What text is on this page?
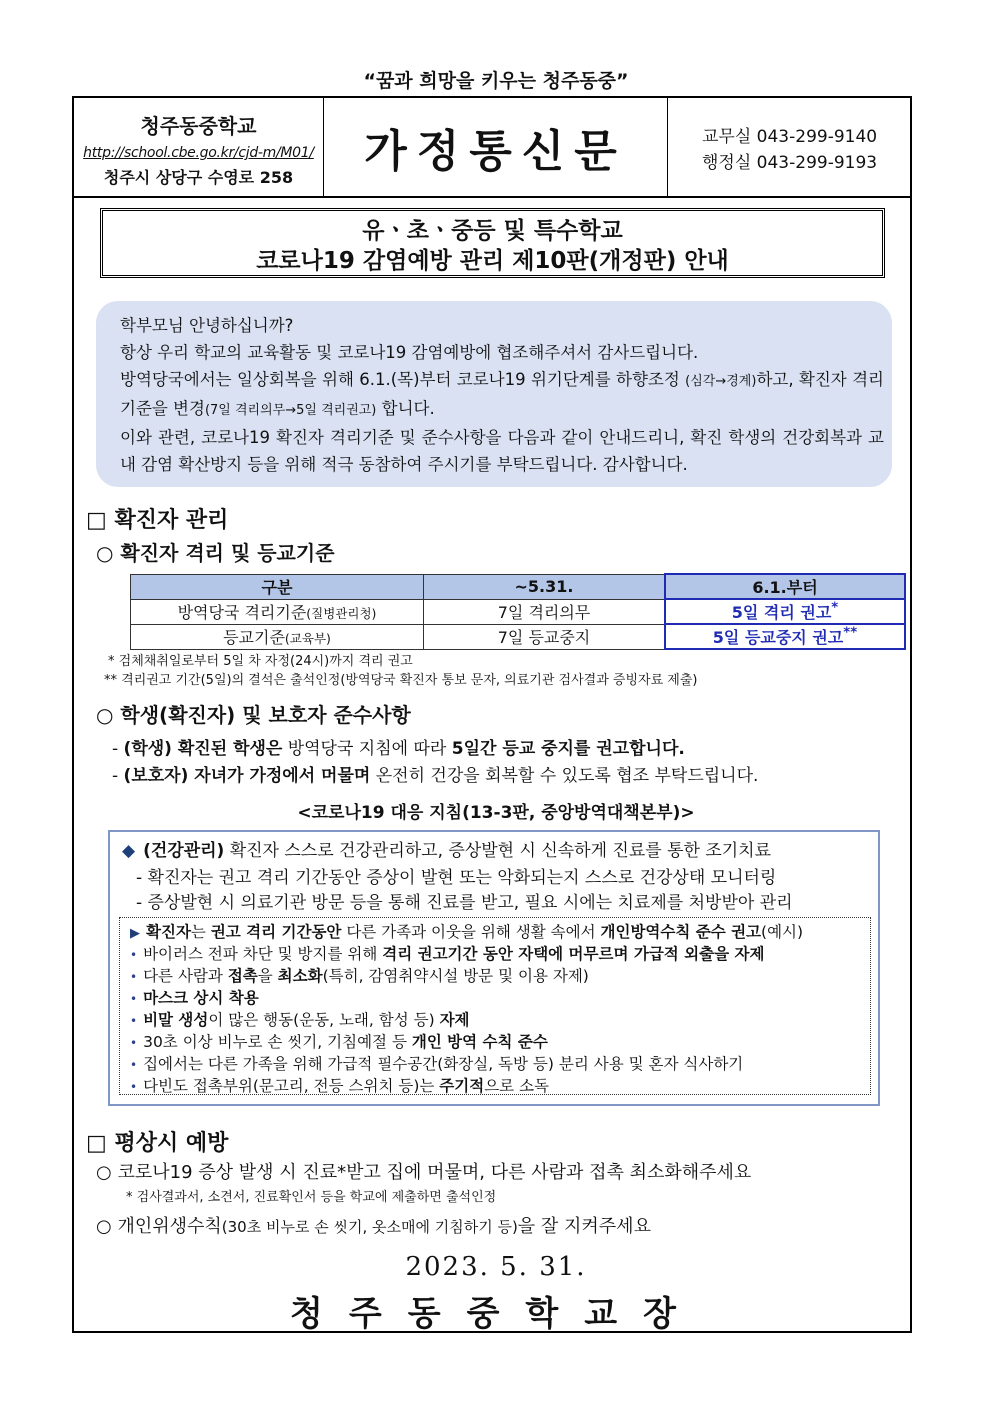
“꿈과 희망을 키우는 청주동중”
청주동중학교
http://school.cbe.go.kr/cjd-m/M01/
청주시 상당구 수영로 258
가정통신문	교무실 043-299-9140
행정실 043-299-9193
유ㆍ초ㆍ중등 및 특수학교
코로나19 감염예방 관리 제10판(개정판) 안내

학부모님 안녕하십니까?

항상 우리 학교의 교육활동 및 코로나19 감염예방에 협조해주셔서 감사드립니다.

방역당국에서는 일상회복을 위해 6.1.(목)부터 코로나19 위기단계를 하향조정 (심각→경계)하고, 확진자 격리기준을 변경(7일 격리의무→5일 격리권고) 합니다.

이와 관련, 코로나19 확진자 격리기준 및 준수사항을 다음과 같이 안내드리니, 확진 학생의 건강회복과 교내 감염 확산방지 등을 위해 적극 동참하여 주시기를 부탁드립니다. 감사합니다.

□ 확진자 관리
○ 확진자 격리 및 등교기준
구분	~5.31.	6.1.부터
방역당국 격리기준(질병관리청)	7일 격리의무	5일 격리 권고*
등교기준(교육부)	7일 등교중지	5일 등교중지 권고**
* 검체채취일로부터 5일 차 자정(24시)까지 격리 권고
** 격리권고 기간(5일)의 결석은 출석인정(방역당국 확진자 통보 문자, 의료기관 검사결과 증빙자료 제출)
○ 학생(확진자) 및 보호자 준수사항
- (학생) 확진된 학생은 방역당국 지침에 따라 5일간 등교 중지를 권고합니다.
- (보호자) 자녀가 가정에서 머물며 온전히 건강을 회복할 수 있도록 협조 부탁드립니다.
<코로나19 대응 지침(13-3판, 중앙방역대책본부)>
◆ (건강관리) 확진자 스스로 건강관리하고, 증상발현 시 신속하게 진료를 통한 조기치료
- 확진자는 권고 격리 기간동안 증상이 발현 또는 악화되는지 스스로 건강상태 모니터링
- 증상발현 시 의료기관 방문 등을 통해 진료를 받고, 필요 시에는 치료제를 처방받아 관리
▶ 확진자는 권고 격리 기간동안 다른 가족과 이웃을 위해 생활 속에서 개인방역수칙 준수 권고(예시)
• 바이러스 전파 차단 및 방지를 위해 격리 권고기간 동안 자택에 머무르며 가급적 외출을 자제
• 다른 사람과 접촉을 최소화(특히, 감염취약시설 방문 및 이용 자제)
• 마스크 상시 착용
• 비말 생성이 많은 행동(운동, 노래, 함성 등) 자제
• 30초 이상 비누로 손 씻기, 기침예절 등 개인 방역 수칙 준수
• 집에서는 다른 가족을 위해 가급적 필수공간(화장실, 독방 등) 분리 사용 및 혼자 식사하기
• 다빈도 접촉부위(문고리, 전등 스위치 등)는 주기적으로 소독
□ 평상시 예방
○ 코로나19 증상 발생 시 진료*받고 집에 머물며, 다른 사람과 접촉 최소화해주세요
* 검사결과서, 소견서, 진료확인서 등을 학교에 제출하면 출석인정
○ 개인위생수칙(30초 비누로 손 씻기, 옷소매에 기침하기 등)을 잘 지켜주세요
2023. 5. 31.
청주동중학교장
